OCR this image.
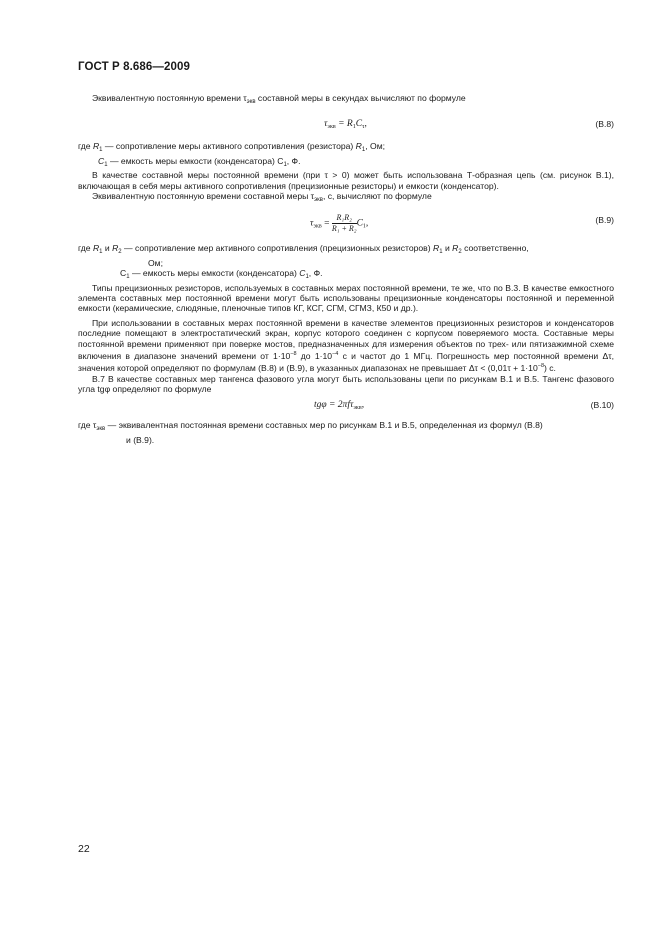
ГОСТ Р 8.686—2009

Эквивалентную постоянную времени $\tau_{экв}$ составной меры в секундах вычисляют по формуле

$\tau_{экв} = R_1C_\tau$,	(В.8)

где $R_1$ — сопротивление меры активного сопротивления (резистора) $R_1$, Ом;

$C_1$ — емкость меры емкости (конденсатора) $С_1$, Ф.

В качестве составной меры постоянной времени (при τ > 0) может быть использована Т-образная цепь (см. рисунок В.1), включающая в себя меры активного сопротивления (прецизионные резисторы) и емкости (конденсатор).

Эквивалентную постоянную времени составной меры $\tau_{экв}$, с, вычисляют по формуле

$\tau_{экв} = \frac{\text{R₁R₂}}{\text{R₁ + R₂}} C_1$,	(В.9)

где $R_1$ и $R_2$ — сопротивление мер активного сопротивления (прецизионных резисторов) $R_1$ и $R_2$ соответственно,

Ом;

$С_1$ — емкость меры емкости (конденсатора) $C_1$, Ф.

Типы прецизионных резисторов, используемых в составных мерах постоянной времени, те же, что по В.3. В качестве емкостного элемента составных мер постоянной времени могут быть использованы прецизионные конденсаторы постоянной и переменной емкости (керамические, слюдяные, пленочные типов КГ, КСГ, СГМ, СГМЗ, К50 и др.).

При использовании в составных мерах постоянной времени в качестве элементов прецизионных резисторов и конденсаторов последние помещают в электростатический экран, корпус которого соединен с корпусом поверяемого моста. Составные меры постоянной времени применяют при поверке мостов, предназначенных для измерения объектов по трех- или пятизажимной схеме включения в диапазоне значений времени от $1\cdot 10^{-8}$ до $1\cdot 10^{-4}$ с и частот до 1 МГц. Погрешность мер постоянной времени Δτ, значения которой определяют по формулам (В.8) и (В.9), в указанных диапазонах не превышает $\Delta\tau < (0,01\tau + 1\cdot 10^{-8})$ с.

В.7 В качестве составных мер тангенса фазового угла могут быть использованы цепи по рисункам В.1 и В.5. Тангенс фазового угла tgφ определяют по формуле

tgφ = 2πfτ$_{экв}$,	(В.10)

где $\tau_{экв}$ — эквивалентная постоянная времени составных мер по рисункам В.1 и В.5, определенная из формул (В.8)

и (В.9).

22
